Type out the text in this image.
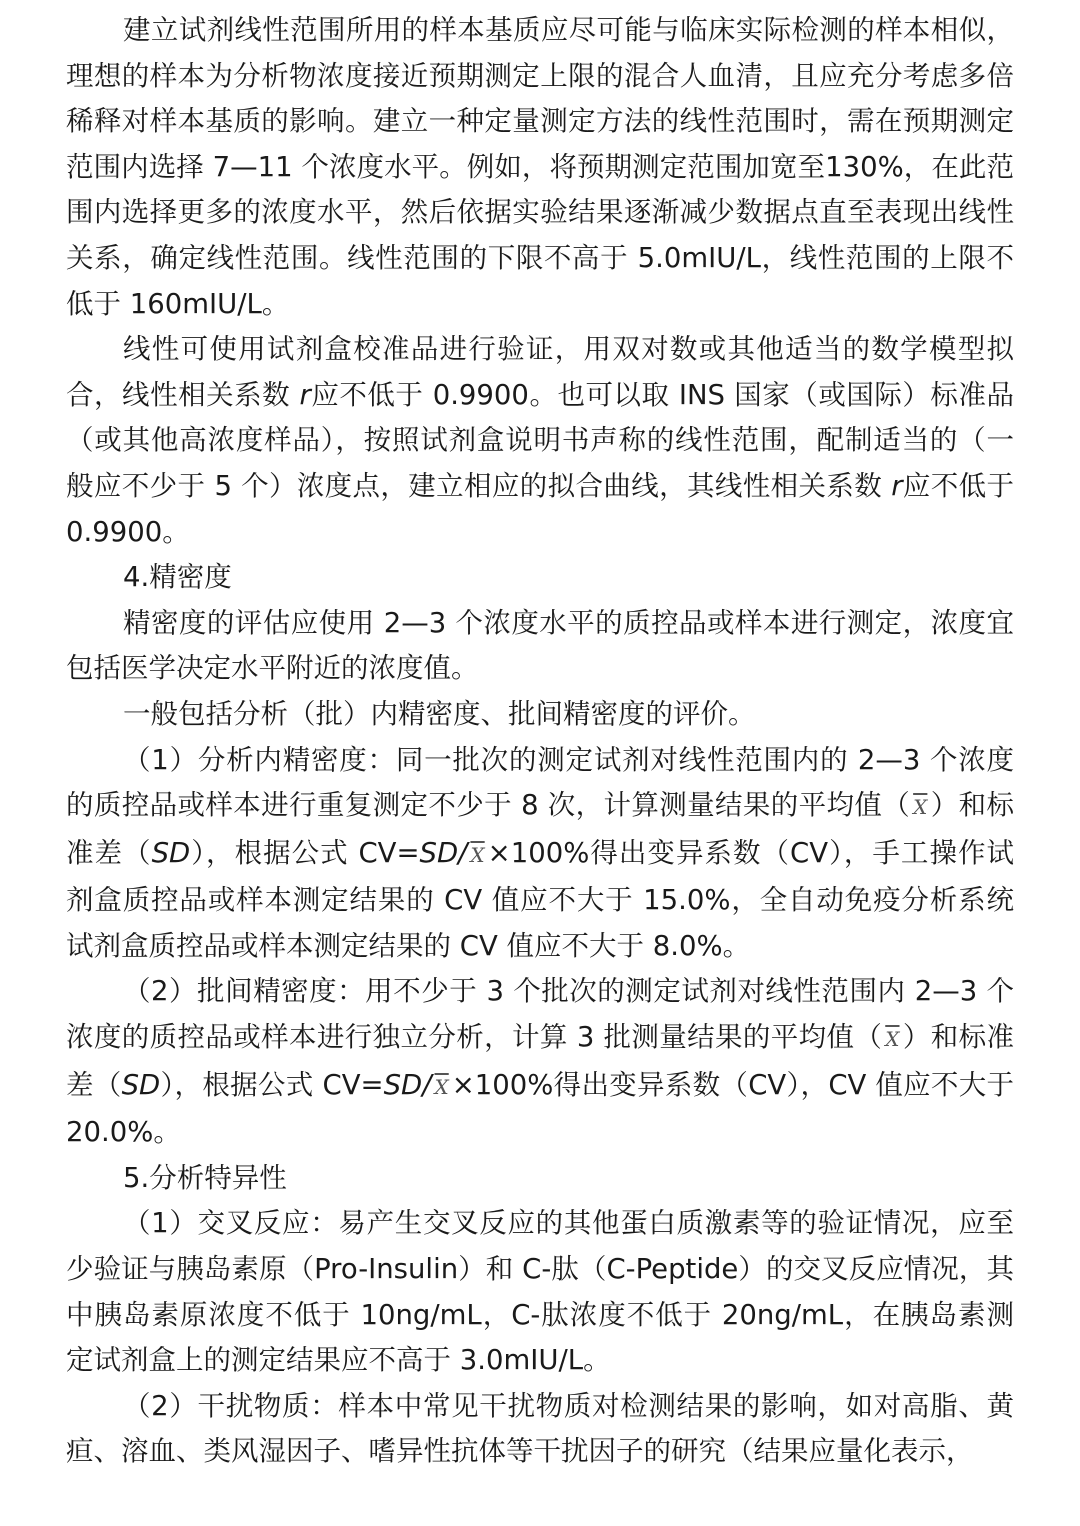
建立试剂线性范围所用的样本基质应尽可能与临床实际检测的样本相似，理想的样本为分析物浓度接近预期测定上限的混合人血清，且应充分考虑多倍稀释对样本基质的影响。建立一种定量测定方法的线性范围时，需在预期测定范围内选择 7—11 个浓度水平。例如，将预期测定范围加宽至130%，在此范围内选择更多的浓度水平，然后依据实验结果逐渐减少数据点直至表现出线性关系，确定线性范围。线性范围的下限不高于 5.0mIU/L，线性范围的上限不低于 160mIU/L。

线性可使用试剂盒校准品进行验证，用双对数或其他适当的数学模型拟合，线性相关系数 r应不低于 0.9900。也可以取 INS 国家（或国际）标准品（或其他高浓度样品），按照试剂盒说明书声称的线性范围，配制适当的（一般应不少于 5 个）浓度点，建立相应的拟合曲线，其线性相关系数 r应不低于 0.9900。

4.精密度

精密度的评估应使用 2—3 个浓度水平的质控品或样本进行测定，浓度宜包括医学决定水平附近的浓度值。

一般包括分析（批）内精密度、批间精密度的评价。

（1）分析内精密度：同一批次的测定试剂对线性范围内的 2—3 个浓度的质控品或样本进行重复测定不少于 8 次，计算测量结果的平均值（ $\overline{X}$ ）和标准差（SD），根据公式 CV=SD/ $\overline{X} \times 100\%$得出变异系数（CV），手工操作试剂盒质控品或样本测定结果的 CV 值应不大于 15.0%，全自动免疫分析系统试剂盒质控品或样本测定结果的 CV 值应不大于 8.0%。

（2）批间精密度：用不少于 3 个批次的测定试剂对线性范围内 2—3 个浓度的质控品或样本进行独立分析，计算 3 批测量结果的平均值（ $\overline{X}$ ）和标准差（SD），根据公式 CV=SD/ $\overline{X} \times 100\%$得出变异系数（CV），CV 值应不大于 20.0%。

5.分析特异性

（1）交叉反应：易产生交叉反应的其他蛋白质激素等的验证情况，应至少验证与胰岛素原（Pro-Insulin）和 C-肽（C-Peptide）的交叉反应情况，其中胰岛素原浓度不低于 10ng/mL，C-肽浓度不低于 20ng/mL，在胰岛素测定试剂盒上的测定结果应不高于 3.0mIU/L。

（2）干扰物质：样本中常见干扰物质对检测结果的影响，如对高脂、黄疸、溶血、类风湿因子、嗜异性抗体等干扰因子的研究（结果应量化表示，
